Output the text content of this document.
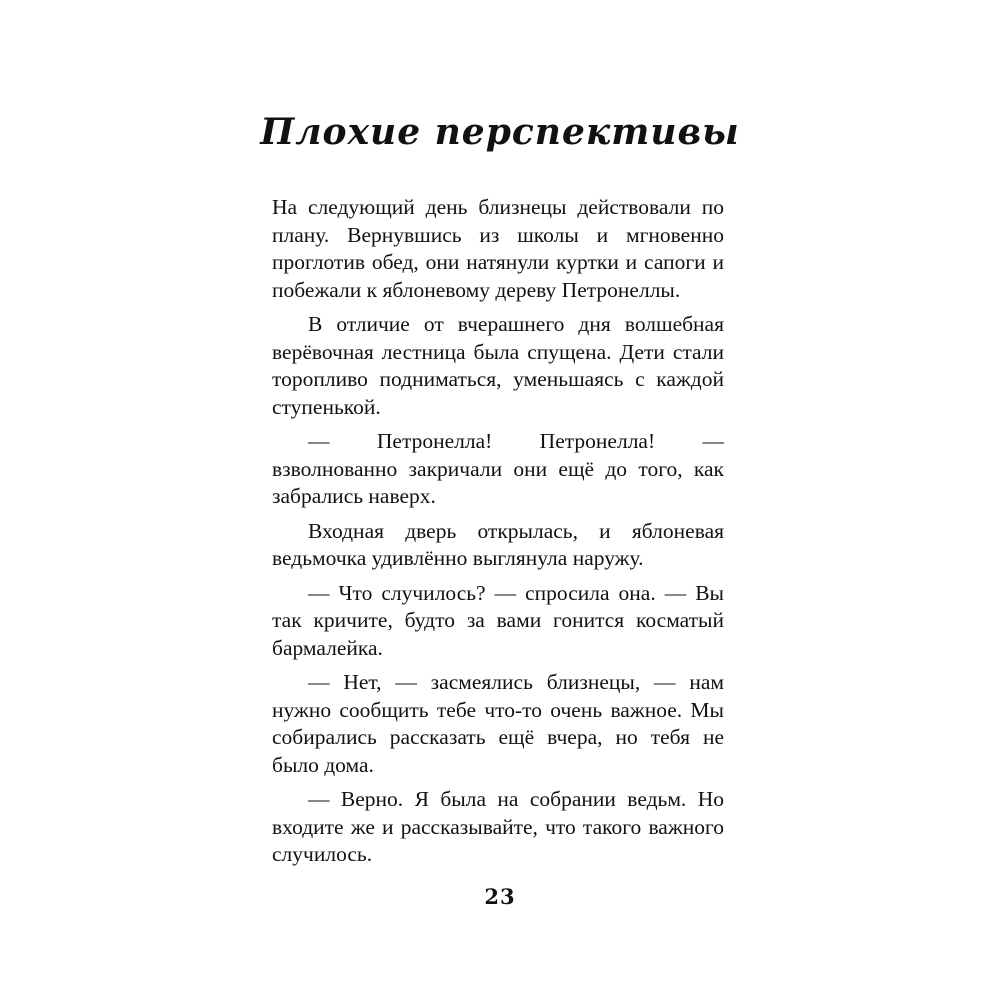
Плохие перспективы

На следующий день близнецы действовали по плану. Вернувшись из школы и мгновенно проглотив обед, они натянули куртки и сапоги и побежали к яблоневому дереву Петронеллы.

В отличие от вчерашнего дня волшебная верёвочная лестница была спущена. Дети стали торопливо подниматься, уменьшаясь с каждой ступенькой.

— Петронелла! Петронелла! — взволнованно закричали они ещё до того, как забрались наверх.

Входная дверь открылась, и яблоневая ведьмочка удивлённо выглянула наружу.

— Что случилось? — спросила она. — Вы так кричите, будто за вами гонится косматый бармалейка.

— Нет, — засмеялись близнецы, — нам нужно сообщить тебе что-то очень важное. Мы собирались рассказать ещё вчера, но тебя не было дома.

— Верно. Я была на собрании ведьм. Но входите же и рассказывайте, что такого важного случилось.

23
